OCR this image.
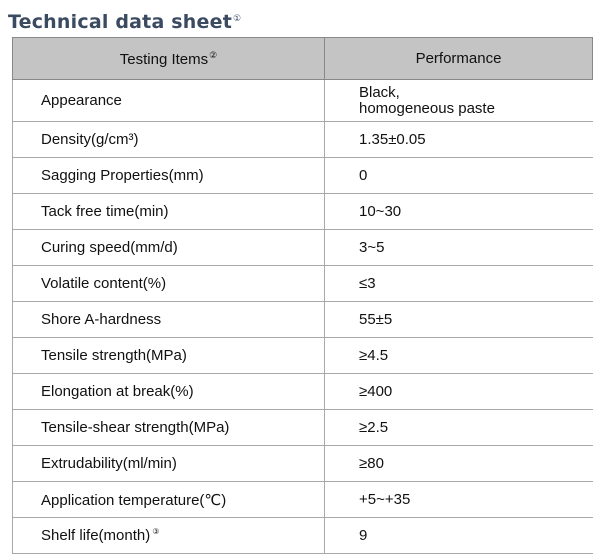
Technical data sheet①
Testing Items②	Performance
Appearance	Black,
homogeneous paste
Density(g/cm³)	1.35±0.05
Sagging Properties(mm)	0
Tack free time(min)	10~30
Curing speed(mm/d)	3~5
Volatile content(%)	≤3
Shore A-hardness	55±5
Tensile strength(MPa)	≥4.5
Elongation at break(%)	≥400
Tensile-shear strength(MPa)	≥2.5
Extrudability(ml/min)	≥80
Application temperature(℃)	+5~+35
Shelf life(month) ③	9
